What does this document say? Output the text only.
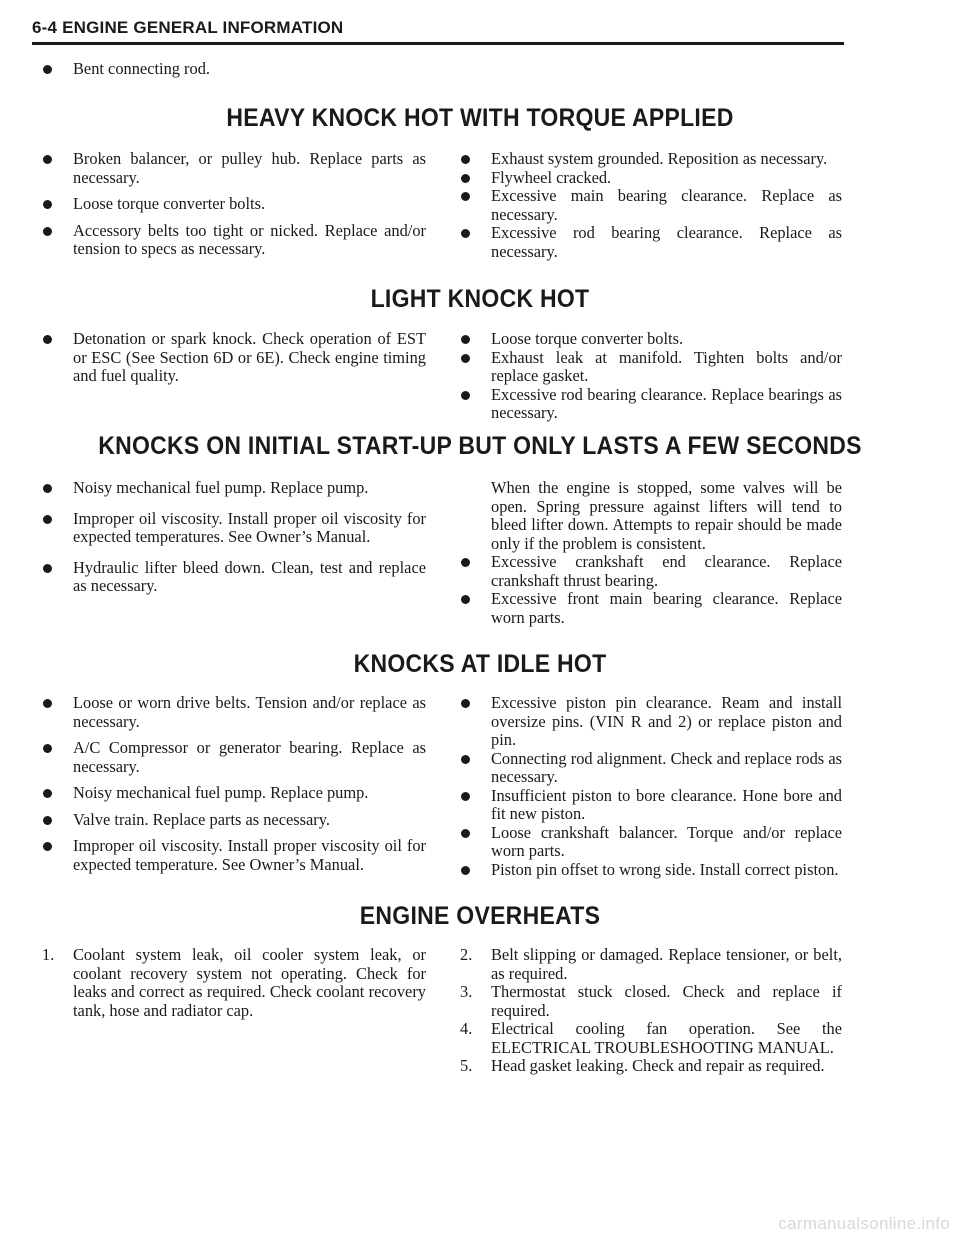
6-4 ENGINE GENERAL INFORMATION
Bent connecting rod.
HEAVY KNOCK HOT WITH TORQUE APPLIED
Broken balancer, or pulley hub. Replace parts as necessary.
Loose torque converter bolts.
Accessory belts too tight or nicked. Replace and/or tension to specs as necessary.
Exhaust system grounded. Reposition as necessary.
Flywheel cracked.
Excessive main bearing clearance. Replace as necessary.
Excessive rod bearing clearance. Replace as necessary.
LIGHT KNOCK HOT
Detonation or spark knock. Check operation of EST or ESC (See Section 6D or 6E). Check engine timing and fuel quality.
Loose torque converter bolts.
Exhaust leak at manifold. Tighten bolts and/or replace gasket.
Excessive rod bearing clearance. Replace bearings as necessary.
KNOCKS ON INITIAL START-UP BUT ONLY LASTS A FEW SECONDS
Noisy mechanical fuel pump. Replace pump.
Improper oil viscosity. Install proper oil viscosity for expected temperatures. See Owner’s Manual.
Hydraulic lifter bleed down. Clean, test and replace as necessary.
When the engine is stopped, some valves will be open. Spring pressure against lifters will tend to bleed lifter down. Attempts to repair should be made only if the problem is consistent.
Excessive crankshaft end clearance. Replace crankshaft thrust bearing.
Excessive front main bearing clearance. Replace worn parts.
KNOCKS AT IDLE HOT
Loose or worn drive belts. Tension and/or replace as necessary.
A/C Compressor or generator bearing. Replace as necessary.
Noisy mechanical fuel pump. Replace pump.
Valve train. Replace parts as necessary.
Improper oil viscosity. Install proper viscosity oil for expected temperature. See Owner’s Manual.
Excessive piston pin clearance. Ream and install oversize pins. (VIN R and 2) or replace piston and pin.
Connecting rod alignment. Check and replace rods as necessary.
Insufficient piston to bore clearance. Hone bore and fit new piston.
Loose crankshaft balancer. Torque and/or replace worn parts.
Piston pin offset to wrong side. Install correct piston.
ENGINE OVERHEATS
1. Coolant system leak, oil cooler system leak, or coolant recovery system not operating. Check for leaks and correct as required. Check coolant recovery tank, hose and radiator cap.
2. Belt slipping or damaged. Replace tensioner, or belt, as required.
3. Thermostat stuck closed. Check and replace if required.
4. Electrical cooling fan operation. See the ELECTRICAL TROUBLESHOOTING MANUAL.
5. Head gasket leaking. Check and repair as required.
carmanualsonline.info
